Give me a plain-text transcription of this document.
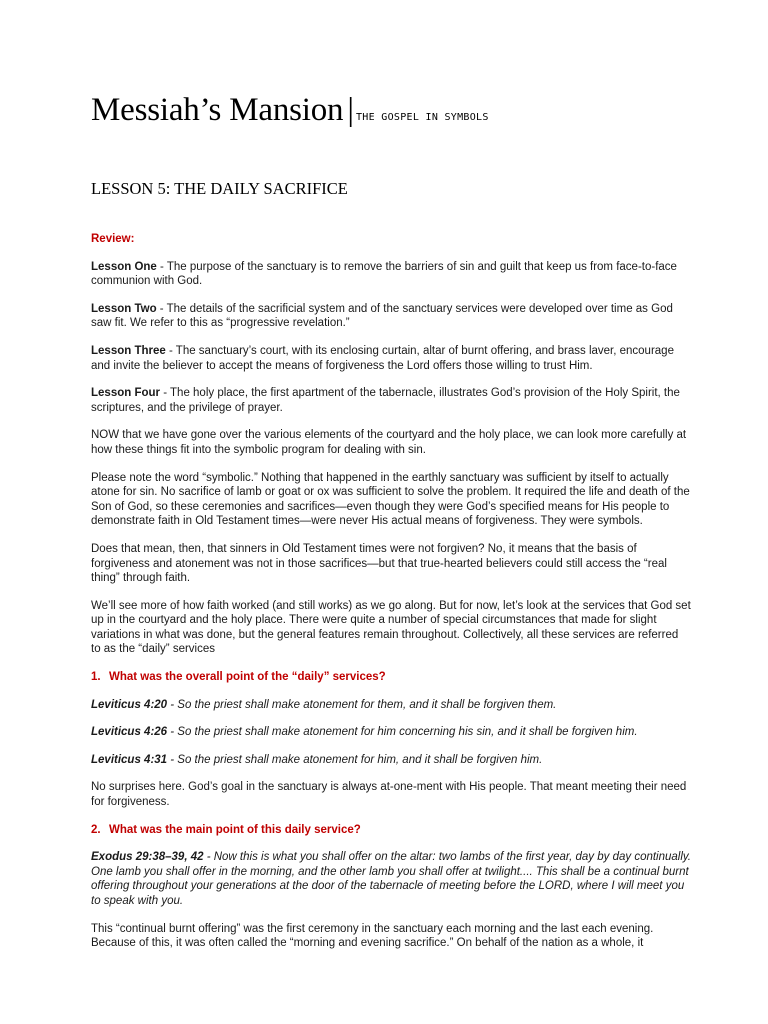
Messiah’s Mansion | THE GOSPEL IN SYMBOLS
LESSON 5: THE DAILY SACRIFICE

Review:

Lesson One - The purpose of the sanctuary is to remove the barriers of sin and guilt that keep us from face-to-face communion with God.

Lesson Two - The details of the sacrificial system and of the sanctuary services were developed over time as God saw fit. We refer to this as “progressive revelation.”

Lesson Three - The sanctuary’s court, with its enclosing curtain, altar of burnt offering, and brass laver, encourage and invite the believer to accept the means of forgiveness the Lord offers those willing to trust Him.

Lesson Four - The holy place, the first apartment of the tabernacle, illustrates God’s provision of the Holy Spirit, the scriptures, and the privilege of prayer.

NOW that we have gone over the various elements of the courtyard and the holy place, we can look more carefully at how these things fit into the symbolic program for dealing with sin.

Please note the word “symbolic.” Nothing that happened in the earthly sanctuary was sufficient by itself to actually atone for sin. No sacrifice of lamb or goat or ox was sufficient to solve the problem. It required the life and death of the Son of God, so these ceremonies and sacrifices—even though they were God’s specified means for His people to demonstrate faith in Old Testament times—were never His actual means of forgiveness. They were symbols.

Does that mean, then, that sinners in Old Testament times were not forgiven? No, it means that the basis of forgiveness and atonement was not in those sacrifices—but that true-hearted believers could still access the “real thing” through faith.

We’ll see more of how faith worked (and still works) as we go along. But for now, let’s look at the services that God set up in the courtyard and the holy place. There were quite a number of special circumstances that made for slight variations in what was done, but the general features remain throughout. Collectively, all these services are referred to as the “daily” services

1. What was the overall point of the “daily” services?

Leviticus 4:20 - So the priest shall make atonement for them, and it shall be forgiven them.

Leviticus 4:26 - So the priest shall make atonement for him concerning his sin, and it shall be forgiven him.

Leviticus 4:31 - So the priest shall make atonement for him, and it shall be forgiven him.

No surprises here. God’s goal in the sanctuary is always at-one-ment with His people. That meant meeting their need for forgiveness.

2. What was the main point of this daily service?

Exodus 29:38–39, 42 - Now this is what you shall offer on the altar: two lambs of the first year, day by day continually. One lamb you shall offer in the morning, and the other lamb you shall offer at twilight.... This shall be a continual burnt offering throughout your generations at the door of the tabernacle of meeting before the LORD, where I will meet you to speak with you.

This “continual burnt offering” was the first ceremony in the sanctuary each morning and the last each evening. Because of this, it was often called the “morning and evening sacrifice.” On behalf of the nation as a whole, it
